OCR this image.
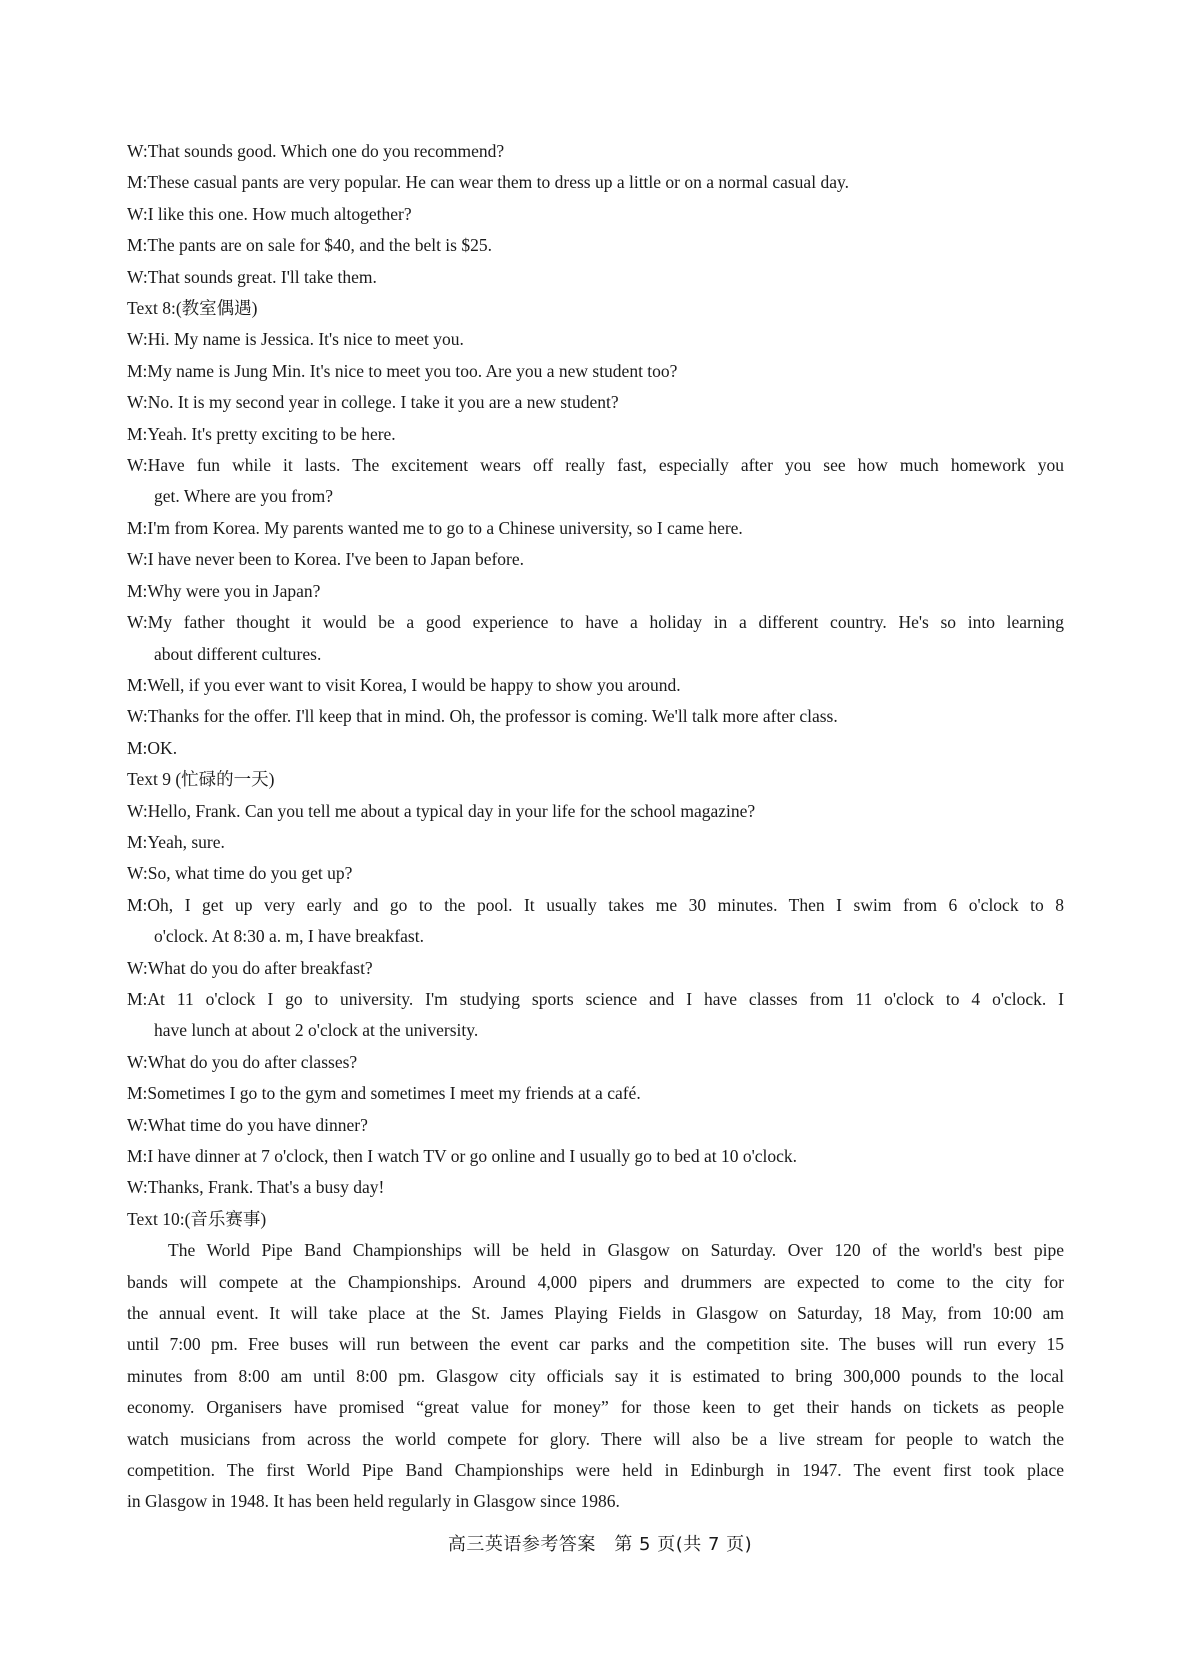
W:That sounds good. Which one do you recommend?
M:These casual pants are very popular. He can wear them to dress up a little or on a normal casual day.
W:I like this one. How much altogether?
M:The pants are on sale for $40, and the belt is $25.
W:That sounds great. I'll take them.
Text 8:(教室偶遇)
W:Hi. My name is Jessica. It's nice to meet you.
M:My name is Jung Min. It's nice to meet you too. Are you a new student too?
W:No. It is my second year in college. I take it you are a new student?
M:Yeah. It's pretty exciting to be here.
W:Have fun while it lasts. The excitement wears off really fast, especially after you see how much homework you
get. Where are you from?
M:I'm from Korea. My parents wanted me to go to a Chinese university, so I came here.
W:I have never been to Korea. I've been to Japan before.
M:Why were you in Japan?
W:My father thought it would be a good experience to have a holiday in a different country. He's so into learning
about different cultures.
M:Well, if you ever want to visit Korea, I would be happy to show you around.
W:Thanks for the offer. I'll keep that in mind. Oh, the professor is coming. We'll talk more after class.
M:OK.
Text 9 (忙碌的一天)
W:Hello, Frank. Can you tell me about a typical day in your life for the school magazine?
M:Yeah, sure.
W:So, what time do you get up?
M:Oh, I get up very early and go to the pool. It usually takes me 30 minutes. Then I swim from 6 o'clock to 8
o'clock. At 8:30 a. m, I have breakfast.
W:What do you do after breakfast?
M:At 11 o'clock I go to university. I'm studying sports science and I have classes from 11 o'clock to 4 o'clock. I
have lunch at about 2 o'clock at the university.
W:What do you do after classes?
M:Sometimes I go to the gym and sometimes I meet my friends at a café.
W:What time do you have dinner?
M:I have dinner at 7 o'clock, then I watch TV or go online and I usually go to bed at 10 o'clock.
W:Thanks, Frank. That's a busy day!
Text 10:(音乐赛事)
The World Pipe Band Championships will be held in Glasgow on Saturday. Over 120 of the world's best pipe
bands will compete at the Championships. Around 4,000 pipers and drummers are expected to come to the city for
the annual event. It will take place at the St. James Playing Fields in Glasgow on Saturday, 18 May, from 10:00 am
until 7:00 pm. Free buses will run between the event car parks and the competition site. The buses will run every 15
minutes from 8:00 am until 8:00 pm. Glasgow city officials say it is estimated to bring 300,000 pounds to the local
economy. Organisers have promised “great value for money” for those keen to get their hands on tickets as people
watch musicians from across the world compete for glory. There will also be a live stream for people to watch the
competition. The first World Pipe Band Championships were held in Edinburgh in 1947. The event first took place
in Glasgow in 1948. It has been held regularly in Glasgow since 1986.
高三英语参考答案　第 5 页(共 7 页)
